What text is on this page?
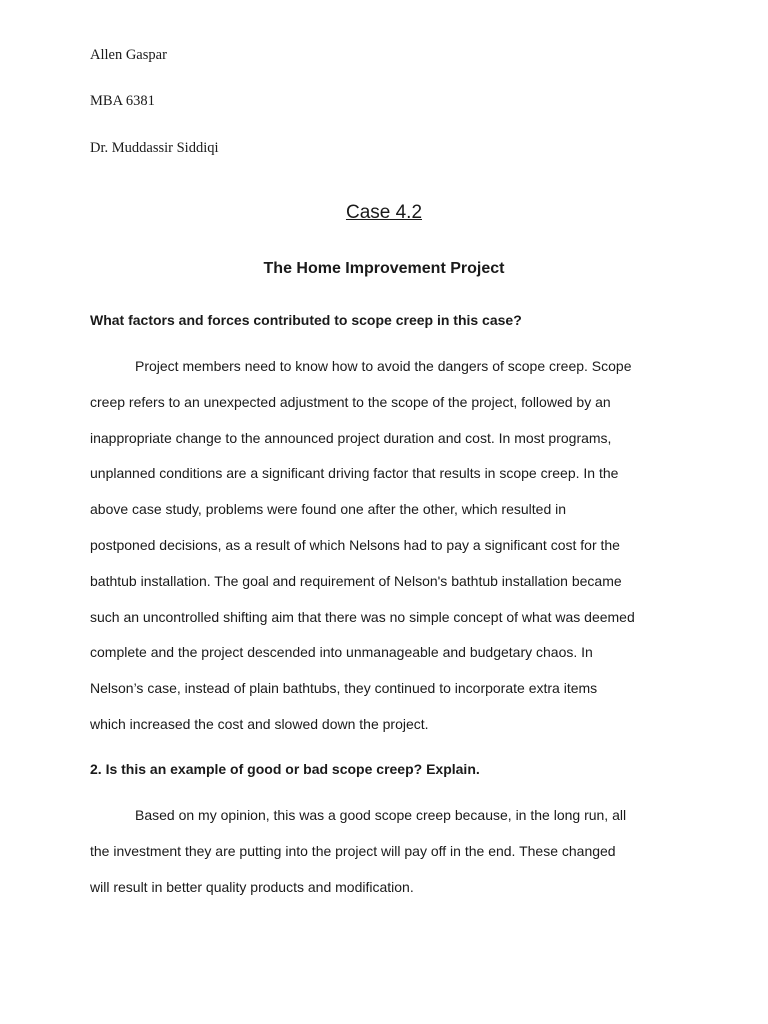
Allen Gaspar
MBA 6381
Dr. Muddassir Siddiqi
Case 4.2
The Home Improvement Project
What factors and forces contributed to scope creep in this case?

Project members need to know how to avoid the dangers of scope creep. Scope
creep refers to an unexpected adjustment to the scope of the project, followed by an
inappropriate change to the announced project duration and cost. In most programs,
unplanned conditions are a significant driving factor that results in scope creep. In the
above case study, problems were found one after the other, which resulted in
postponed decisions, as a result of which Nelsons had to pay a significant cost for the
bathtub installation. The goal and requirement of Nelson's bathtub installation became
such an uncontrolled shifting aim that there was no simple concept of what was deemed
complete and the project descended into unmanageable and budgetary chaos. In
Nelson’s case, instead of plain bathtubs, they continued to incorporate extra items
which increased the cost and slowed down the project.

2. Is this an example of good or bad scope creep? Explain.

Based on my opinion, this was a good scope creep because, in the long run, all
the investment they are putting into the project will pay off in the end. These changed
will result in better quality products and modification.
